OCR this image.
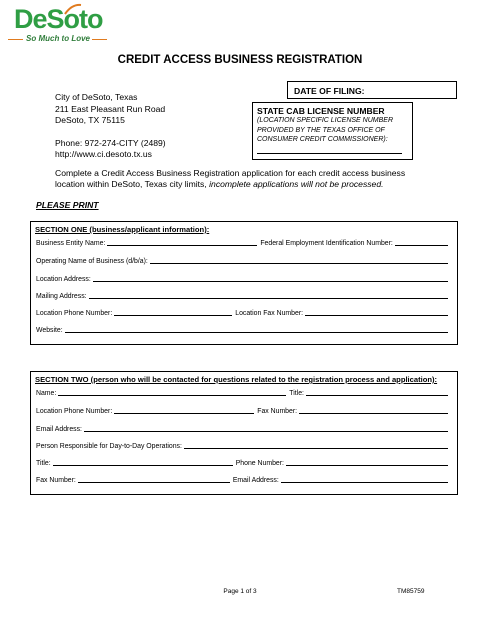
DeSoto
So Much to Love
CREDIT ACCESS BUSINESS REGISTRATION
City of DeSoto, Texas
211 East Pleasant Run Road
DeSoto, TX 75115
Phone: 972-274-CITY (2489)
http://www.ci.desoto.tx.us
DATE OF FILING:
STATE CAB LICENSE NUMBER
(LOCATION SPECIFIC LICENSE NUMBER PROVIDED BY THE TEXAS OFFICE OF CONSUMER CREDIT COMMISSIONER):
Complete a Credit Access Business Registration application for each credit access business location within DeSoto, Texas city limits, incomplete applications will not be processed.
PLEASE PRINT
SECTION ONE (business/applicant information):
Business Entity Name:	Federal Employment Identification Number:
Operating Name of Business (d/b/a):
Location Address:
Mailing Address:
Location Phone Number:	Location Fax Number:
Website:
SECTION TWO (person who will be contacted for questions related to the registration process and application):
Name:	Title:
Location Phone Number:	Fax Number:
Email Address:
Person Responsible for Day-to-Day Operations:
Title:	Phone Number:
Fax Number:	Email Address:
Page 1 of 3	TM85759
